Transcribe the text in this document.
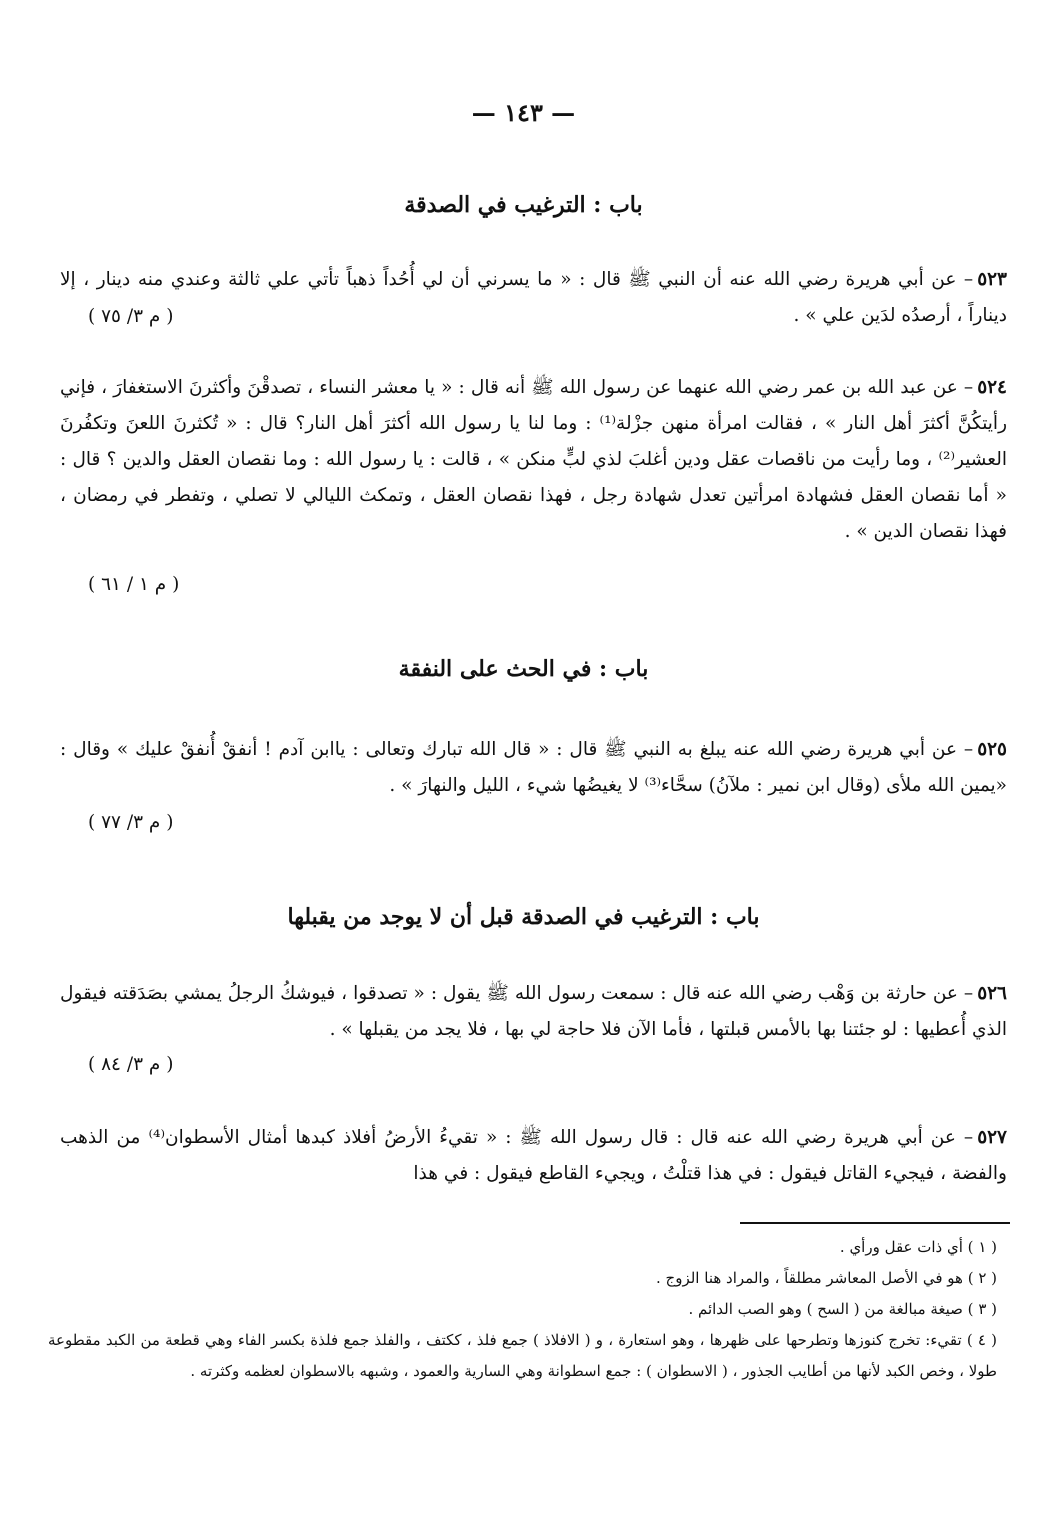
— ١٤٣ —
باب : الترغيب في الصدقة
٥٢٣– عن أبي هريرة رضي الله عنه أن النبي ﷺ قال : « ما يسرني أن لي أُحُداً ذهباً تأتي علي ثالثة وعندي منه دينار ، إلا ديناراً ، أرصدُه لدَين علي » .
( م ٣/ ٧٥ )
٥٢٤– عن عبد الله بن عمر رضي الله عنهما عن رسول الله ﷺ أنه قال : « يا معشر النساء ، تصدقْنَ وأكثرنَ الاستغفارَ ، فإني رأيتكُنَّ أكثرَ أهل النار » ، فقالت امرأة منهن جزْلة⁽¹⁾ : وما لنا يا رسول الله أكثرَ أهل النار؟ قال : « تُكثرنَ اللعنَ وتكفُرنَ العشير⁽²⁾ ، وما رأيت من ناقصات عقل ودين أغلبَ لذي لبٍّ منكن » ، قالت : يا رسول الله : وما نقصان العقل والدين ؟ قال : « أما نقصان العقل فشهادة امرأتين تعدل شهادة رجل ، فهذا نقصان العقل ، وتمكث الليالي لا تصلي ، وتفطر في رمضان ، فهذا نقصان الدين » .
( م ١ / ٦١ )
باب : في الحث على النفقة
٥٢٥– عن أبي هريرة رضي الله عنه يبلغ به النبي ﷺ قال : « قال الله تبارك وتعالى : ياابن آدم ! أنفقْ أُنفقْ عليك » وقال : «يمين الله ملأى (وقال ابن نمير : ملآنُ) سحَّاء⁽³⁾ لا يغيضُها شيء ، الليل والنهارَ » .
( م ٣/ ٧٧ )
باب : الترغيب في الصدقة قبل أن لا يوجد من يقبلها
٥٢٦– عن حارثة بن وَهْب رضي الله عنه قال : سمعت رسول الله ﷺ يقول : « تصدقوا ، فيوشكُ الرجلُ يمشي بصَدَقته فيقول الذي أُعطيها : لو جئتنا بها بالأمس قبلتها ، فأما الآن فلا حاجة لي بها ، فلا يجد من يقبلها » .
( م ٣/ ٨٤ )
٥٢٧– عن أبي هريرة رضي الله عنه قال : قال رسول الله ﷺ : « تقيءُ الأرضُ أفلاذ كبدها أمثال الأسطوان⁽⁴⁾ من الذهب والفضة ، فيجيء القاتل فيقول : في هذا قتلْتُ ، ويجيء القاطع فيقول : في هذا

( ١ ) أي ذات عقل ورأي .

( ٢ ) هو في الأصل المعاشر مطلقاً ، والمراد هنا الزوج .

( ٣ ) صيغة مبالغة من ( السح ) وهو الصب الدائم .

( ٤ ) تقيء: تخرج كنوزها وتطرحها على ظهرها ، وهو استعارة ، و ( الافلاذ ) جمع فلذ ، ككتف ، والفلذ جمع فلذة بكسر الفاء وهي قطعة من الكبد مقطوعة طولا ، وخص الكبد لأنها من أطايب الجذور ، ( الاسطوان ) : جمع اسطوانة وهي السارية والعمود ، وشبهه بالاسطوان لعظمه وكثرته .
